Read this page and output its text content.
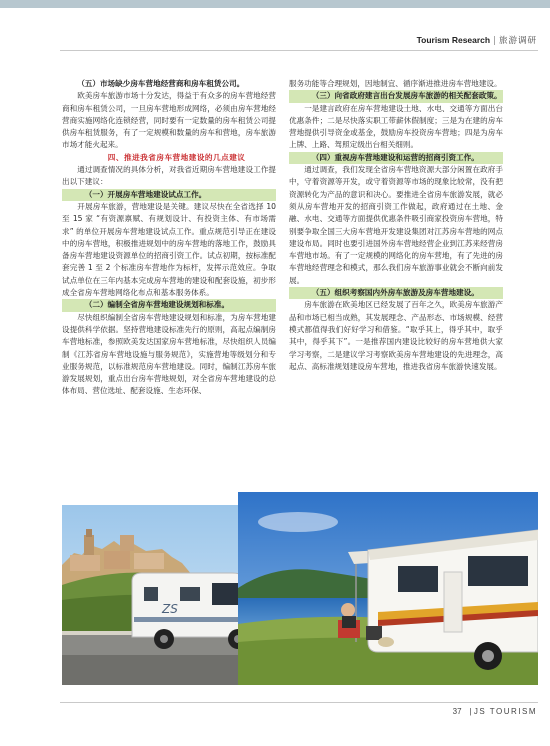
Tourism Research | 旅游调研

（五）市场缺少房车营地经营商和房车租赁公司。

欧美房车旅游市场十分发达，得益于有众多的房车营地经营商和房车租赁公司，一旦房车营地形成网络，必须由房车营地经营商实施网络化连锁经营，同时要有一定数量的房车租赁公司提供房车租赁服务，有了一定规模和数量的房车和营地，房车旅游市场才能火起来。

四、推进我省房车营地建设的几点建议

通过调查情况的具体分析，对我省近期房车营地建设工作提出以下建议：

（一）开展房车营地建设试点工作。

开展房车旅游，营地建设是关键。建议尽快在全省选择 10 至 15 家 “有资源禀赋、有规划设计、有投资主体、有市场需求” 的单位开展房车营地建设试点工作。重点规范引导正在建设中的房车营地，积极推进规划中的房车营地的落地工作，鼓励具备房车营地建设资源单位的招商引资工作。试点初期，按标准配套完善 1 至 2 个标准房车营地作为标杆，发挥示范效应。争取试点单位在三年内基本完成房车营地的建设和配套设施，初步形成全省房车营地网络化布点和基本服务体系。

（二）编制全省房车营地建设规划和标准。

尽快组织编制全省房车营地建设规划和标准，为房车营地建设提供科学依据。坚持营地建设标准先行的原则，高起点编制房车营地标准，参照欧美发达国家房车营地标准，尽快组织人员编制《江苏省房车营地设施与服务规范》，实施营地等级划分和专业服务规范，以标准规范房车营地建设。同时，编制江苏房车旅游发展规划，重点出台房车营地规划，对全省房车营地建设的总体布局、营位选址、配套设施、生态环保、

服务功能等合理规划，因地制宜、循序渐进推进房车营地建设。

（三）向省政府建言出台发展房车旅游的相关配套政策。

一是建言政府在房车营地建设土地、水电、交通等方面出台优惠条件；二是尽快落实职工带薪休假制度；三是为在建的房车营地提供引导资金或基金，鼓励房车投资房车营地；四是为房车上牌、上路、驾照定级出台相关细则。

（四）重视房车营地建设和运营的招商引资工作。

通过调查，我们发现全省房车营地资源大部分闲置在政府手中，守着资源等开发，或守着资源等市场的现象比较常，没有把资源转化为产品的意识和决心。要推进全省房车旅游发展，就必须从房车营地开发的招商引资工作做起，政府通过在土地、金融、水电、交通等方面提供优惠条件吸引商家投资房车营地，特别要争取全国三大房车营地开发建设集团对江苏房车营地的网点建设布局。同时也要引进国外房车营地经营企业到江苏来经营房车营地市场。有了一定规模的网络化的房车营地，有了先进的房车营地经营理念和模式，那么我们房车旅游事业就会不断向前发展。

（五）组织考察国内外房车旅游及房车营地建设。

房车旅游在欧美地区已经发展了百年之久，欧美房车旅游产品和市场已相当成熟，其发展理念、产品形态、市场规模、经营模式都值得我们好好学习和借鉴。“取乎其上，得乎其中，取乎其中，得乎其下”。一是推荐国内建设比较好的房车营地供大家学习考察，二是建议学习考察欧美房车营地建设的先进理念，高起点、高标准规划建设房车营地，推进我省房车旅游快速发展。

ZS
37 | JS TOURISM
